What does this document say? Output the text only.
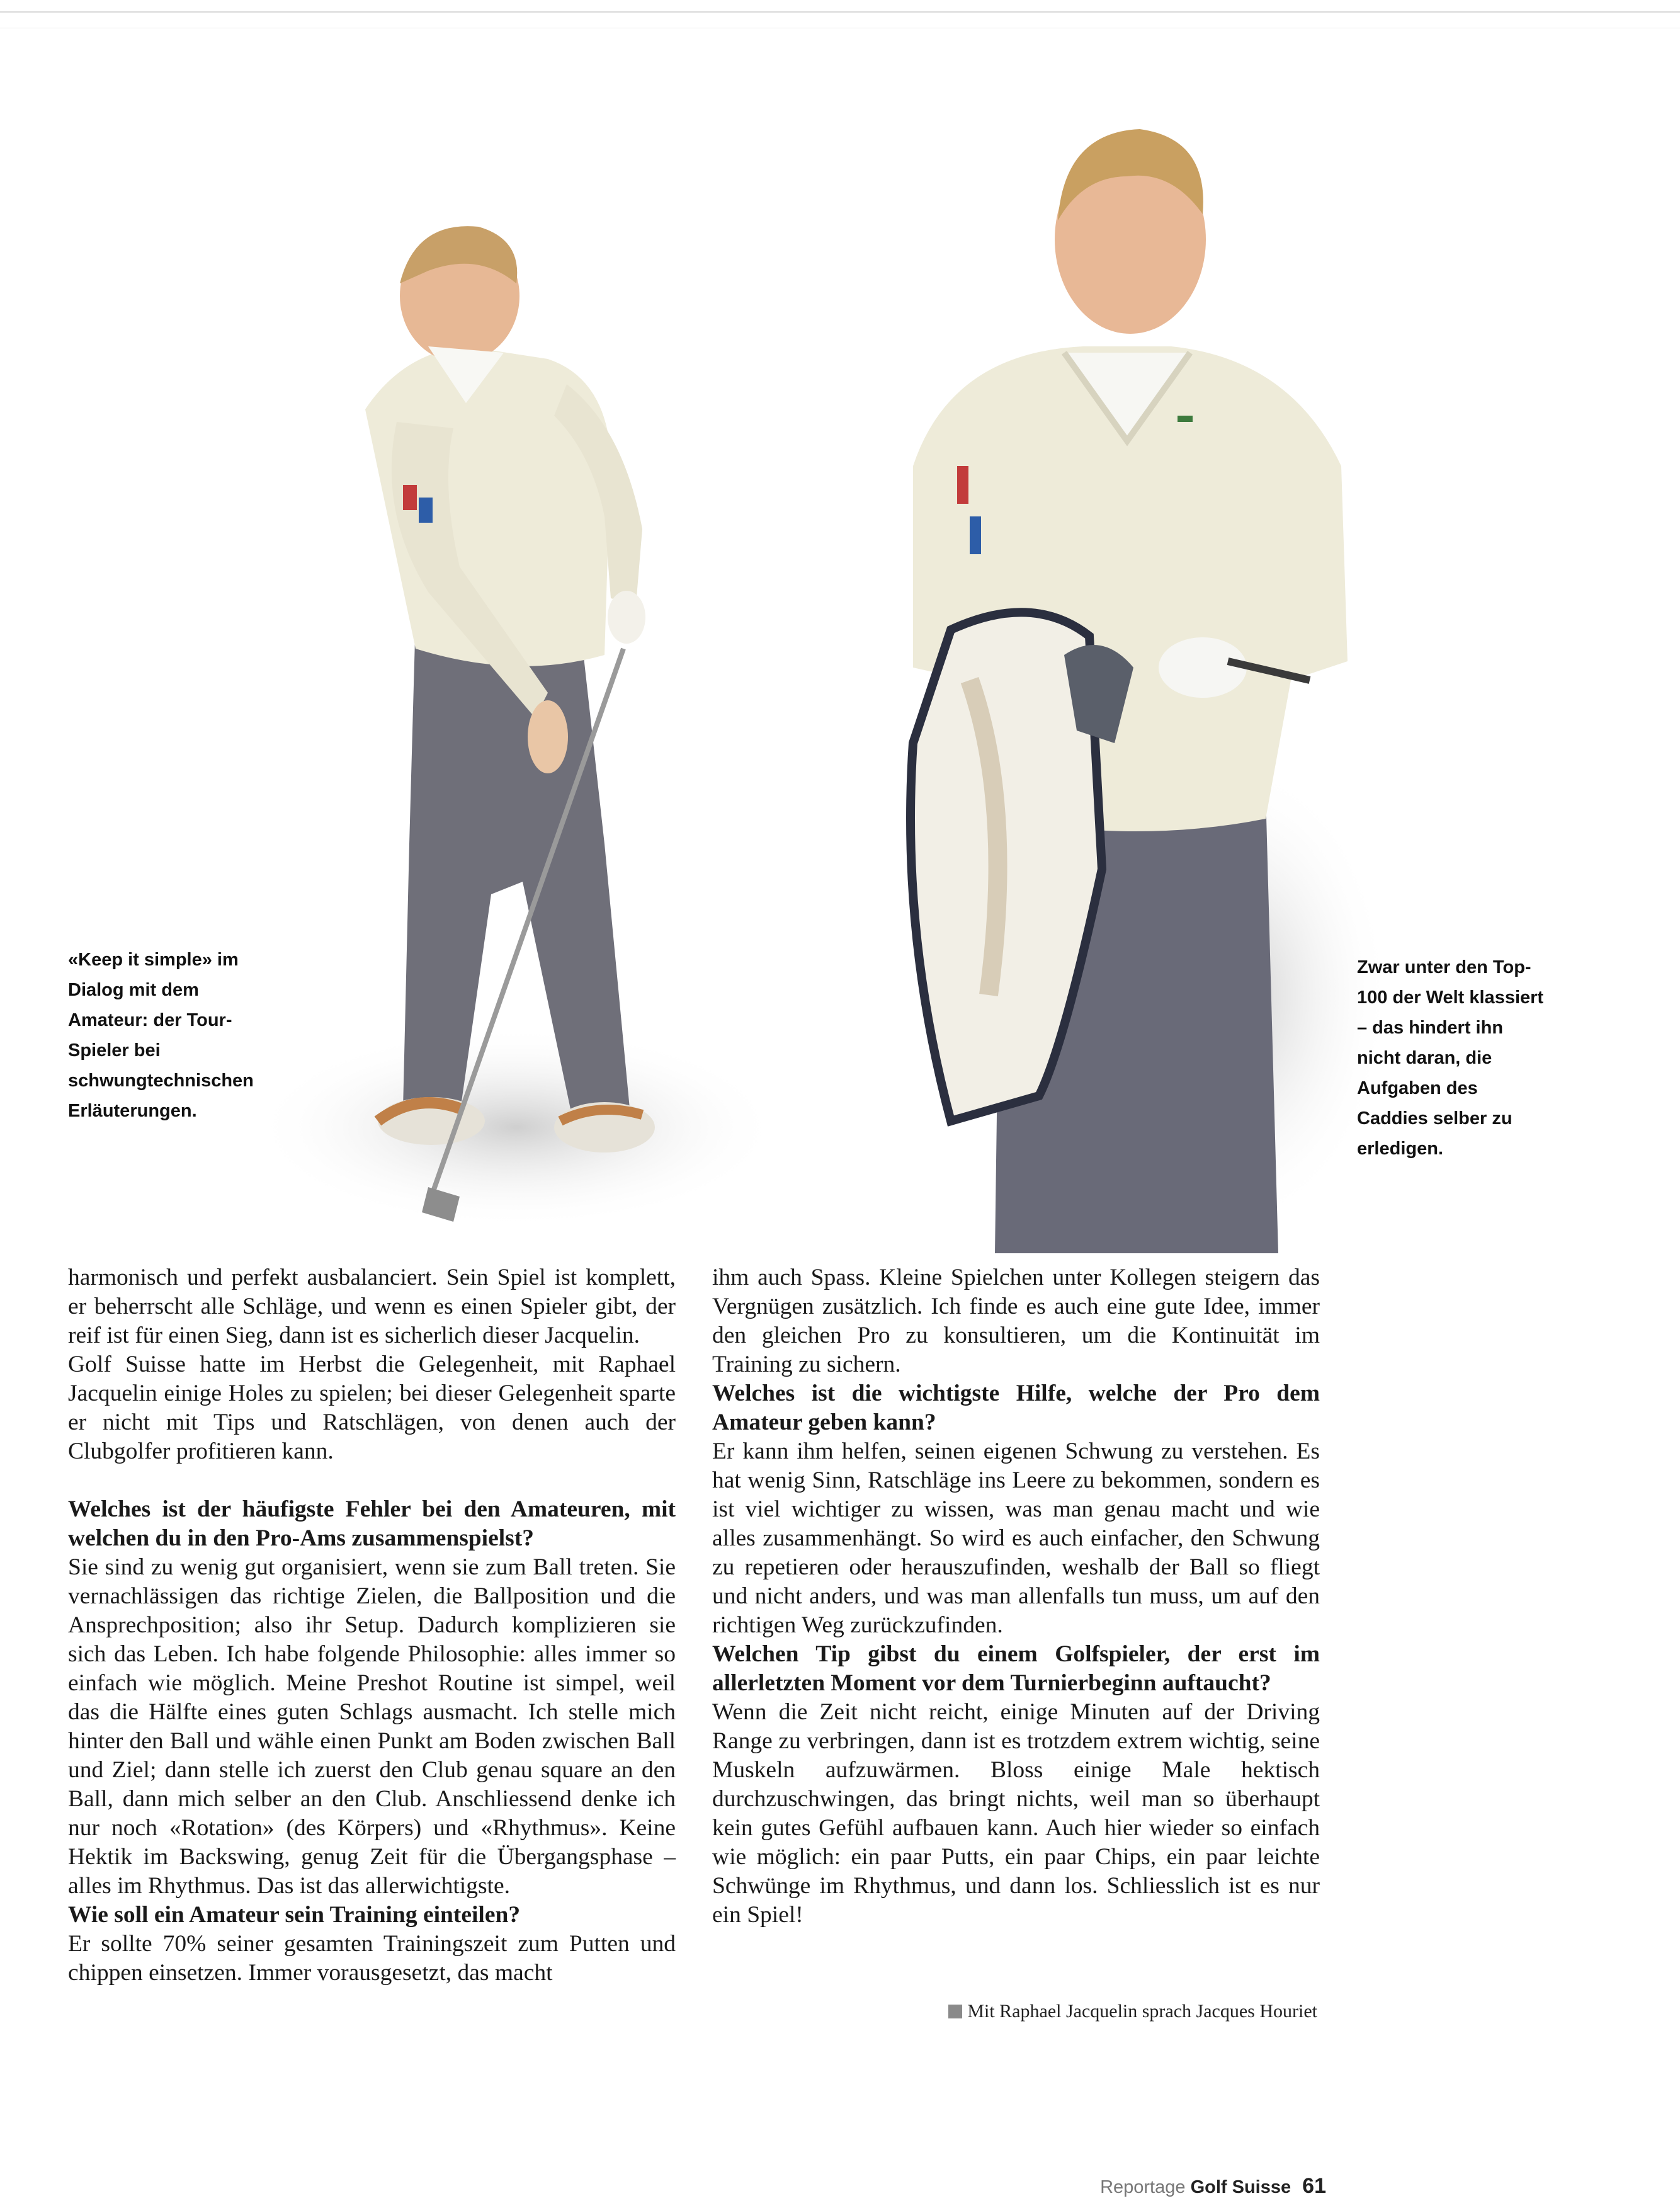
«Keep it simple» im Dialog mit dem Amateur: der Tour-Spieler bei schwungtechnischen Erläuterungen.
Zwar unter den Top-100 der Welt klassiert – das hindert ihn nicht daran, die Aufgaben des Caddies selber zu erledigen.

harmonisch und perfekt ausbalanciert. Sein Spiel ist komplett, er beherrscht alle Schläge, und wenn es einen Spieler gibt, der reif ist für einen Sieg, dann ist es sicherlich dieser Jacquelin.

Golf Suisse hatte im Herbst die Gelegenheit, mit Raphael Jacquelin einige Holes zu spielen; bei dieser Gelegenheit sparte er nicht mit Tips und Ratschlägen, von denen auch der Clubgolfer profitieren kann.

Welches ist der häufigste Fehler bei den Amateuren, mit welchen du in den Pro-Ams zusammenspielst?

Sie sind zu wenig gut organisiert, wenn sie zum Ball treten. Sie vernachlässigen das richtige Zielen, die Ballposition und die Ansprechposition; also ihr Setup. Dadurch komplizieren sie sich das Leben. Ich habe folgende Philosophie: alles immer so einfach wie möglich. Meine Preshot Routine ist simpel, weil das die Hälfte eines guten Schlags ausmacht. Ich stelle mich hinter den Ball und wähle einen Punkt am Boden zwischen Ball und Ziel; dann stelle ich zuerst den Club genau square an den Ball, dann mich selber an den Club. Anschliessend denke ich nur noch «Rotation» (des Körpers) und «Rhythmus». Keine Hektik im Backswing, genug Zeit für die Übergangsphase – alles im Rhythmus. Das ist das allerwichtigste.

Wie soll ein Amateur sein Training einteilen?

Er sollte 70% seiner gesamten Trainingszeit zum Putten und chippen einsetzen. Immer vorausgesetzt, das macht

ihm auch Spass. Kleine Spielchen unter Kollegen steigern das Vergnügen zusätzlich. Ich finde es auch eine gute Idee, immer den gleichen Pro zu konsultieren, um die Kontinuität im Training zu sichern.

Welches ist die wichtigste Hilfe, welche der Pro dem Amateur geben kann?

Er kann ihm helfen, seinen eigenen Schwung zu verstehen. Es hat wenig Sinn, Ratschläge ins Leere zu bekommen, sondern es ist viel wichtiger zu wissen, was man genau macht und wie alles zusammenhängt. So wird es auch einfacher, den Schwung zu repetieren oder herauszufinden, weshalb der Ball so fliegt und nicht anders, und was man allenfalls tun muss, um auf den richtigen Weg zurückzufinden.

Welchen Tip gibst du einem Golfspieler, der erst im allerletzten Moment vor dem Turnierbeginn auftaucht?

Wenn die Zeit nicht reicht, einige Minuten auf der Driving Range zu verbringen, dann ist es trotzdem extrem wichtig, seine Muskeln aufzuwärmen. Bloss einige Male hektisch durchzuschwingen, das bringt nichts, weil man so überhaupt kein gutes Gefühl aufbauen kann. Auch hier wieder so einfach wie möglich: ein paar Putts, ein paar Chips, ein paar leichte Schwünge im Rhythmus, und dann los. Schliesslich ist es nur ein Spiel!

Mit Raphael Jacquelin sprach Jacques Houriet
Reportage Golf Suisse 61
